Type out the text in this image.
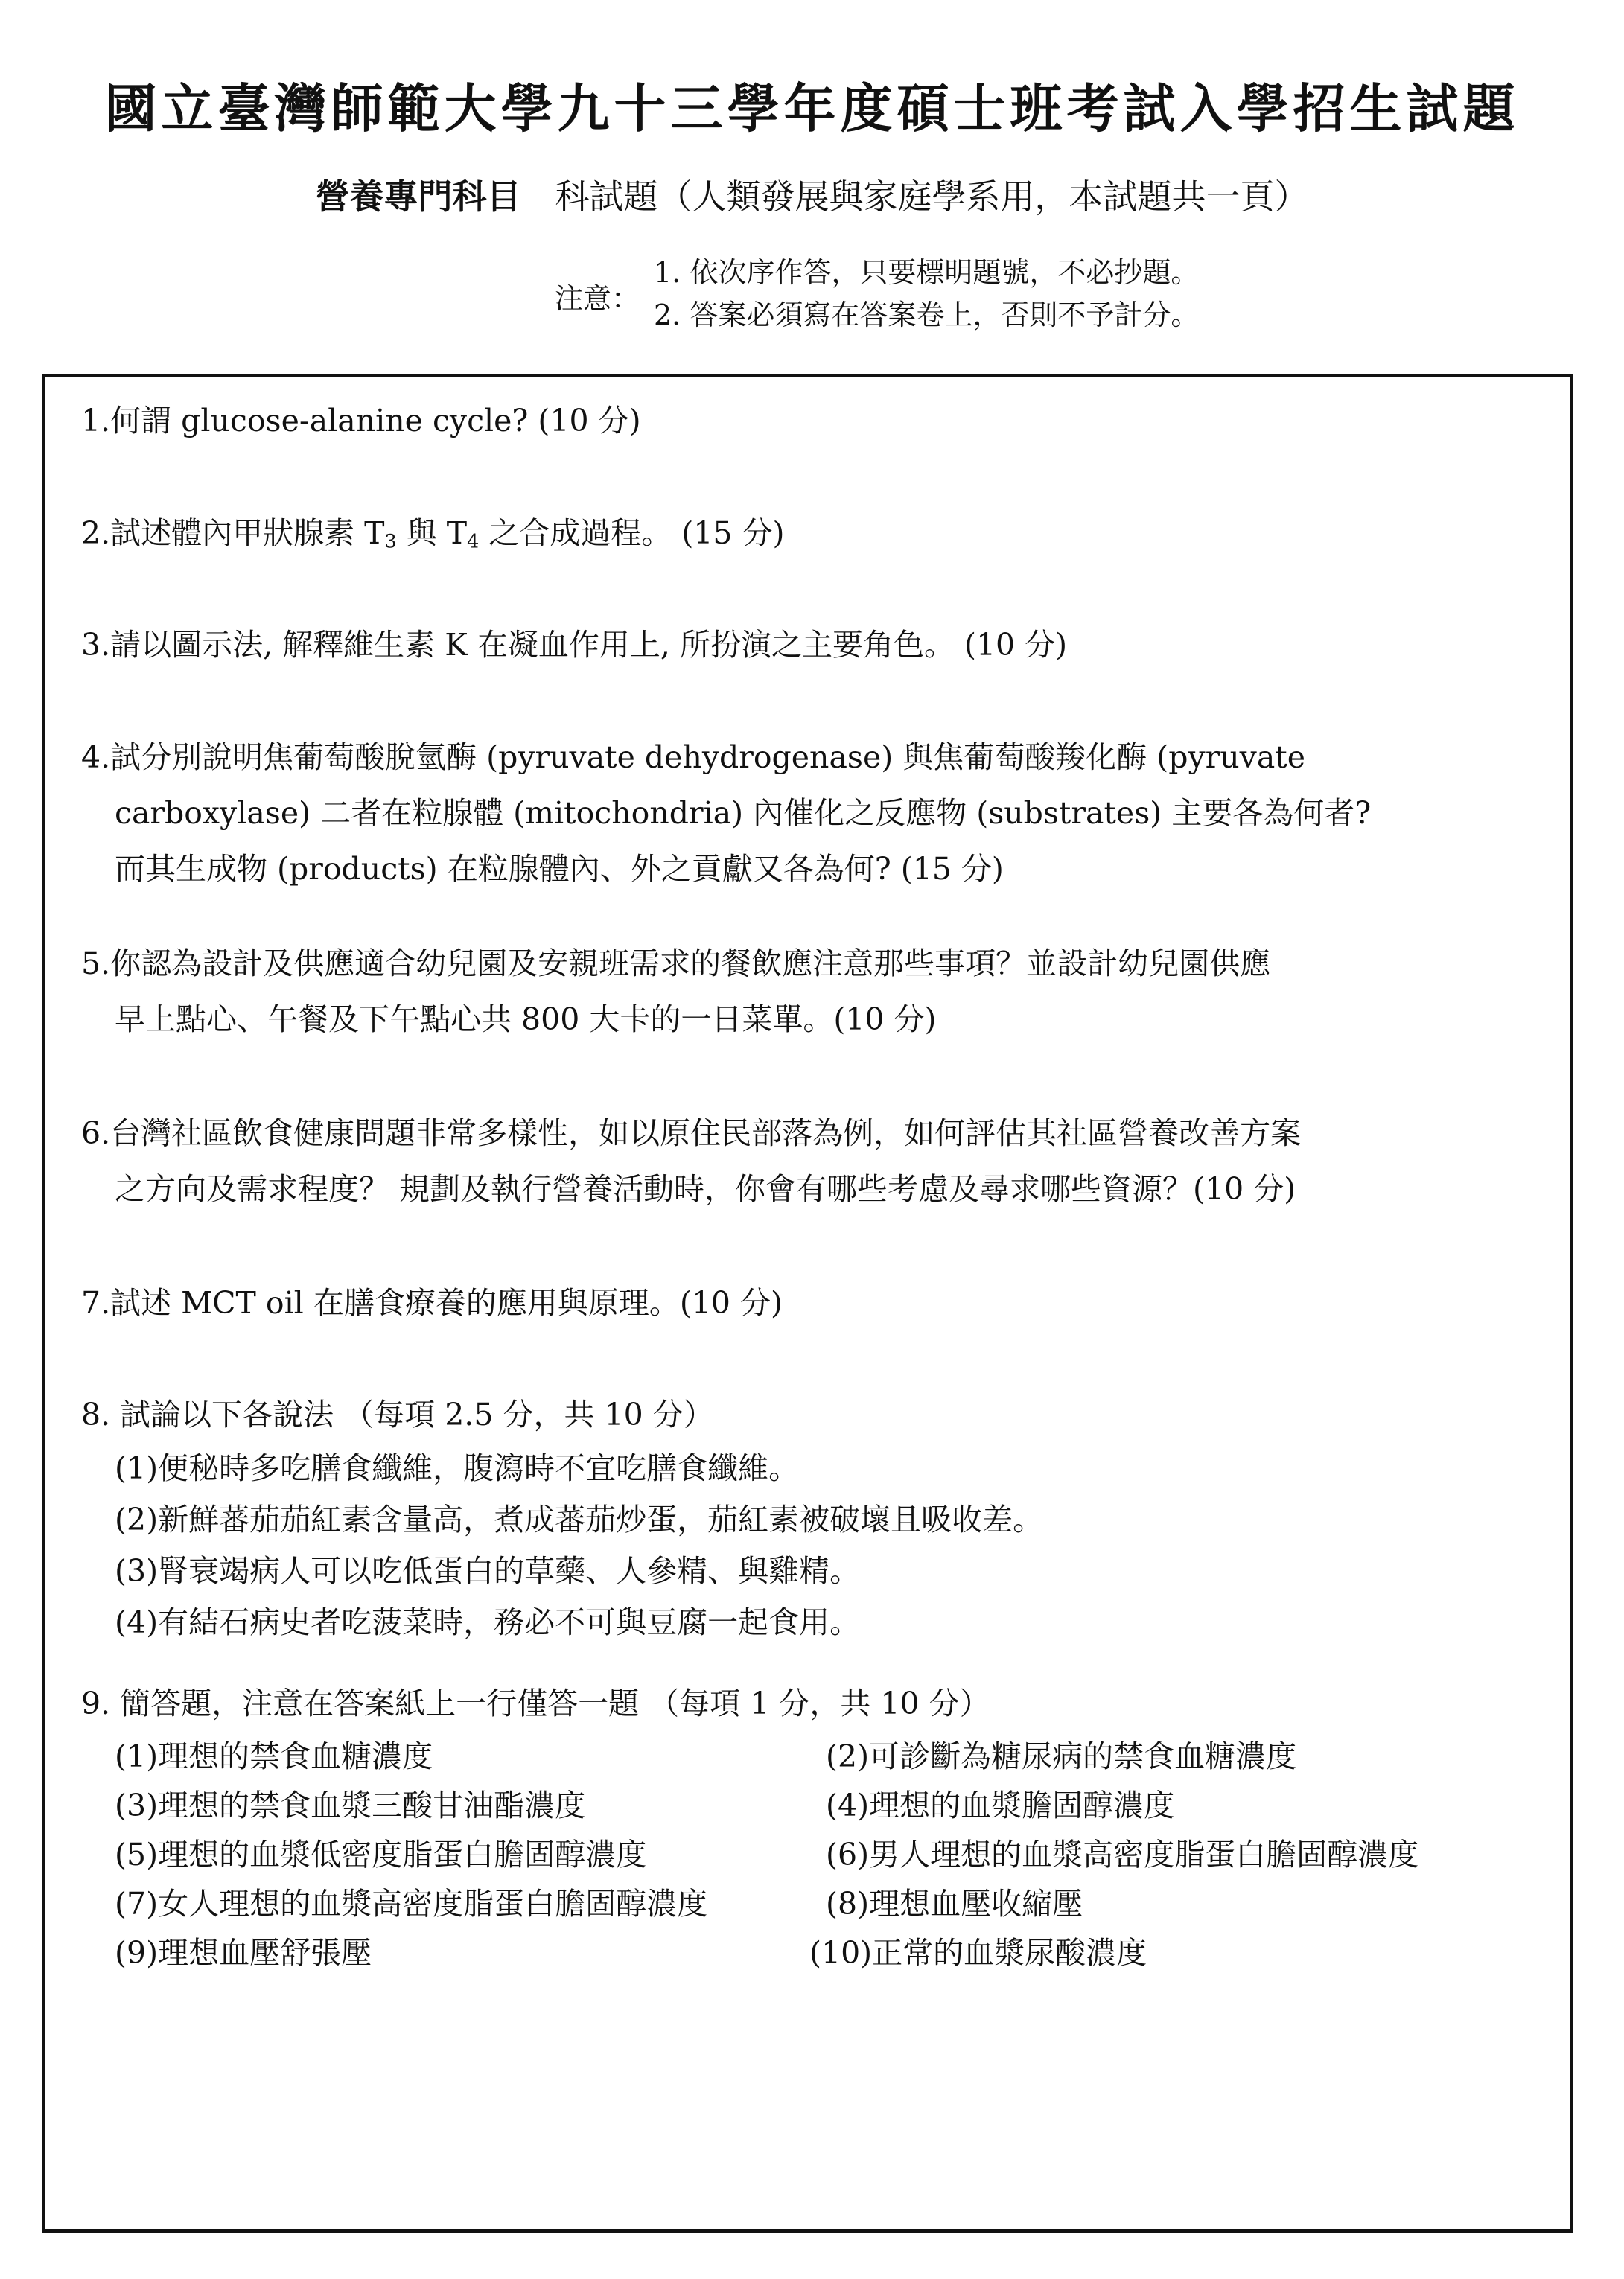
國立臺灣師範大學九十三學年度碩士班考試入學招生試題
營養專門科目　 科試題（人類發展與家庭學系用，本試題共一頁）
注意：
1. 依次序作答，只要標明題號，不必抄題。
2. 答案必須寫在答案卷上，否則不予計分。
1.何謂 glucose-alanine cycle? (10 分)
2.試述體內甲狀腺素 $T_3$ 與 $T_4$ 之合成過程。 (15 分)
3.請以圖示法, 解釋維生素 K 在凝血作用上, 所扮演之主要角色。 (10 分)
4.試分別說明焦葡萄酸脫氫酶 (pyruvate dehydrogenase) 與焦葡萄酸羧化酶 (pyruvate
carboxylase) 二者在粒腺體 (mitochondria) 內催化之反應物 (substrates) 主要各為何者?
而其生成物 (products) 在粒腺體內、外之貢獻又各為何? (15 分)
5.你認為設計及供應適合幼兒園及安親班需求的餐飲應注意那些事項？並設計幼兒園供應
早上點心、午餐及下午點心共 800 大卡的一日菜單。(10 分)
6.台灣社區飲食健康問題非常多樣性，如以原住民部落為例，如何評估其社區營養改善方案
之方向及需求程度？ 規劃及執行營養活動時，你會有哪些考慮及尋求哪些資源？(10 分)
7.試述 MCT oil 在膳食療養的應用與原理。(10 分)
8. 試論以下各說法 （每項 2.5 分，共 10 分）
(1)便秘時多吃膳食纖維，腹瀉時不宜吃膳食纖維。
(2)新鮮蕃茄茄紅素含量高，煮成蕃茄炒蛋，茄紅素被破壞且吸收差。
(3)腎衰竭病人可以吃低蛋白的草藥、人參精、與雞精。
(4)有結石病史者吃菠菜時，務必不可與豆腐一起食用。
9. 簡答題，注意在答案紙上一行僅答一題 （每項 1 分，共 10 分）
(1)理想的禁食血糖濃度	(2)可診斷為糖尿病的禁食血糖濃度
(3)理想的禁食血漿三酸甘油酯濃度	(4)理想的血漿膽固醇濃度
(5)理想的血漿低密度脂蛋白膽固醇濃度	(6)男人理想的血漿高密度脂蛋白膽固醇濃度
(7)女人理想的血漿高密度脂蛋白膽固醇濃度	(8)理想血壓收縮壓
(9)理想血壓舒張壓	(10)正常的血漿尿酸濃度
